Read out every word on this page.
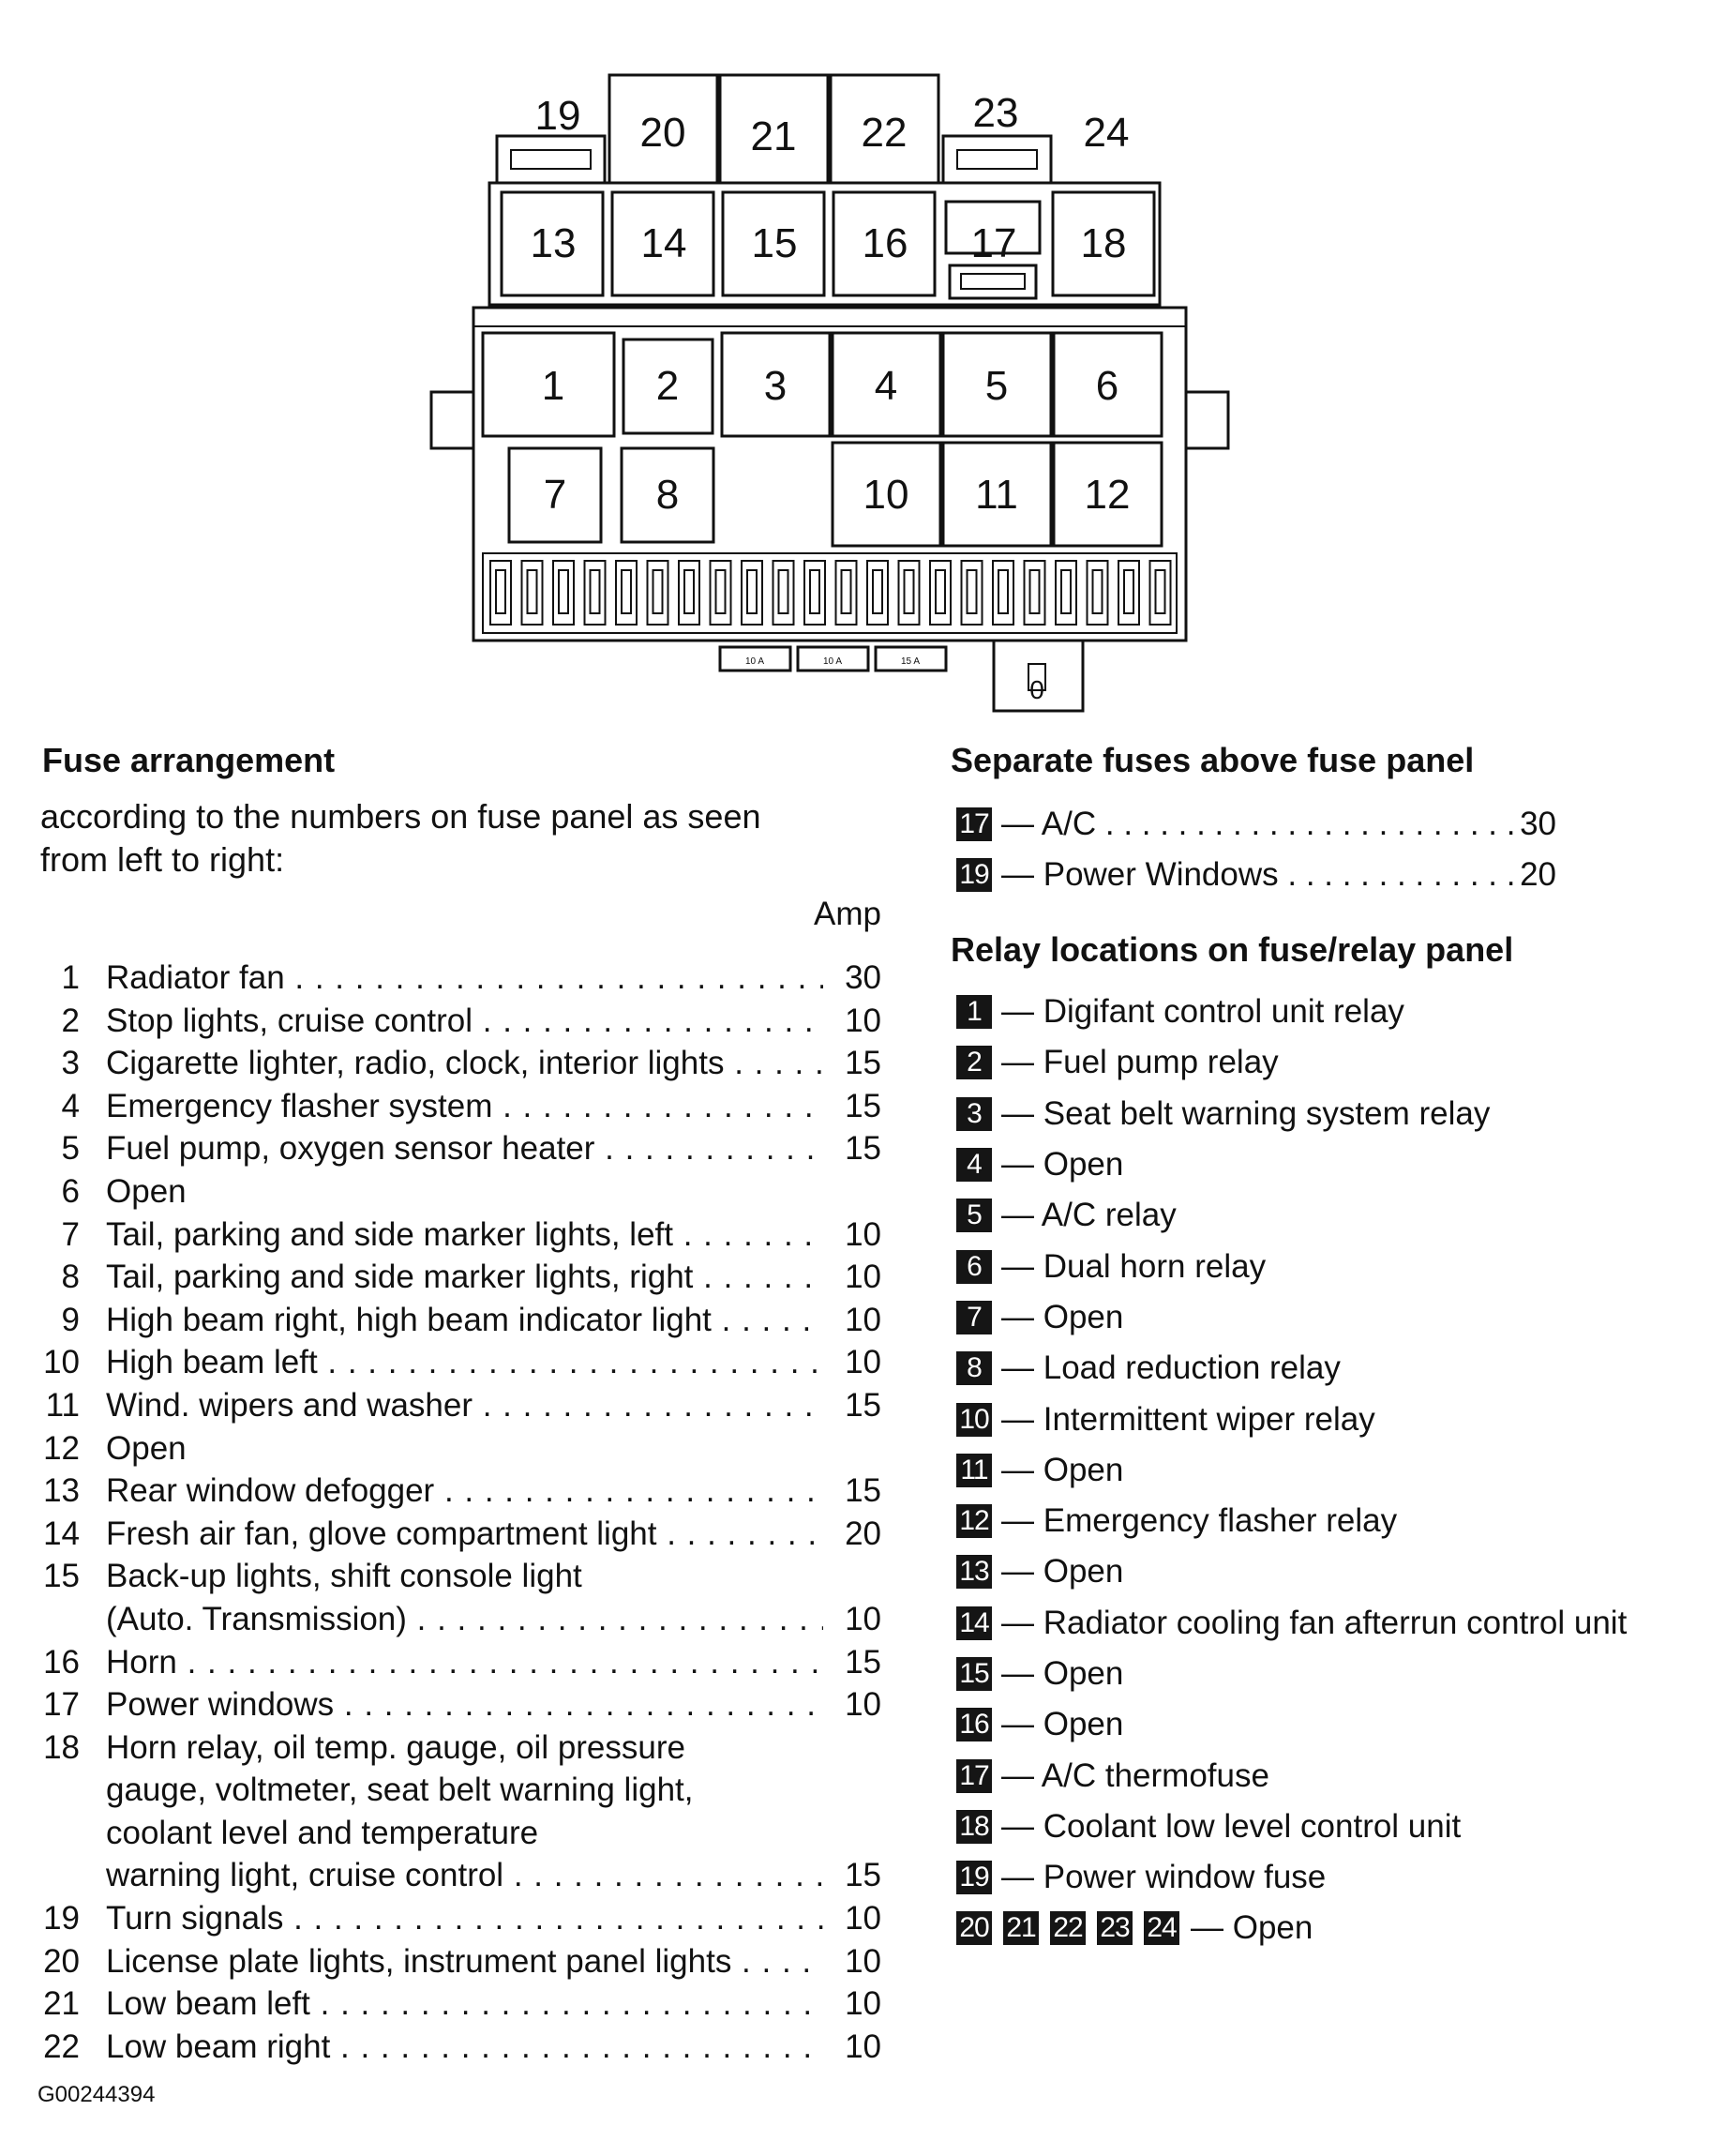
19 20 21 22 23 24
13 14 15 16 17 18
1 2 3 4 5 6
7 8	10 11 12
10 A	10 A	15 A
0
Fuse arrangement

according to the numbers on fuse panel as seen

from left to right:

Amp
1 Radiator fan . . .	30
2 Stop lights, cruise control . . .	10
3 Cigarette lighter, radio, clock, interior lights . . .	15
4 Emergency flasher system . . .	15
5 Fuel pump, oxygen sensor heater . . .	15
6 Open
7 Tail, parking and side marker lights, left . . .	10
8 Tail, parking and side marker lights, right . . .	10
9 High beam right, high beam indicator light . . .	10
10 High beam left . . .	10
11 Wind. wipers and washer . . .	15
12 Open
13 Rear window defogger . . .	15
14 Fresh air fan, glove compartment light . . .	20
15 Back-up lights, shift console light
(Auto. Transmission) . . .	10
16 Horn . . .	15
17 Power windows . . .	10
18 Horn relay, oil temp. gauge, oil pressure
gauge, voltmeter, seat belt warning light,
coolant level and temperature
warning light, cruise control . . .	15
19 Turn signals . . .	10
20 License plate lights, instrument panel lights . . .	10
21 Low beam left . . .	10
22 Low beam right . . .	10
Separate fuses above fuse panel
17 — A/C . . .	30
19 — Power Windows . . .	20
Relay locations on fuse/relay panel
1 — Digifant control unit relay
2 — Fuel pump relay
3 — Seat belt warning system relay
4 — Open
5 — A/C relay
6 — Dual horn relay
7 — Open
8 — Load reduction relay
10 — Intermittent wiper relay
11 — Open
12 — Emergency flasher relay
13 — Open
14 — Radiator cooling fan afterrun control unit
15 — Open
16 — Open
17 — A/C thermofuse
18 — Coolant low level control unit
19 — Power window fuse
20 21 22 23 24 — Open
G00244394
